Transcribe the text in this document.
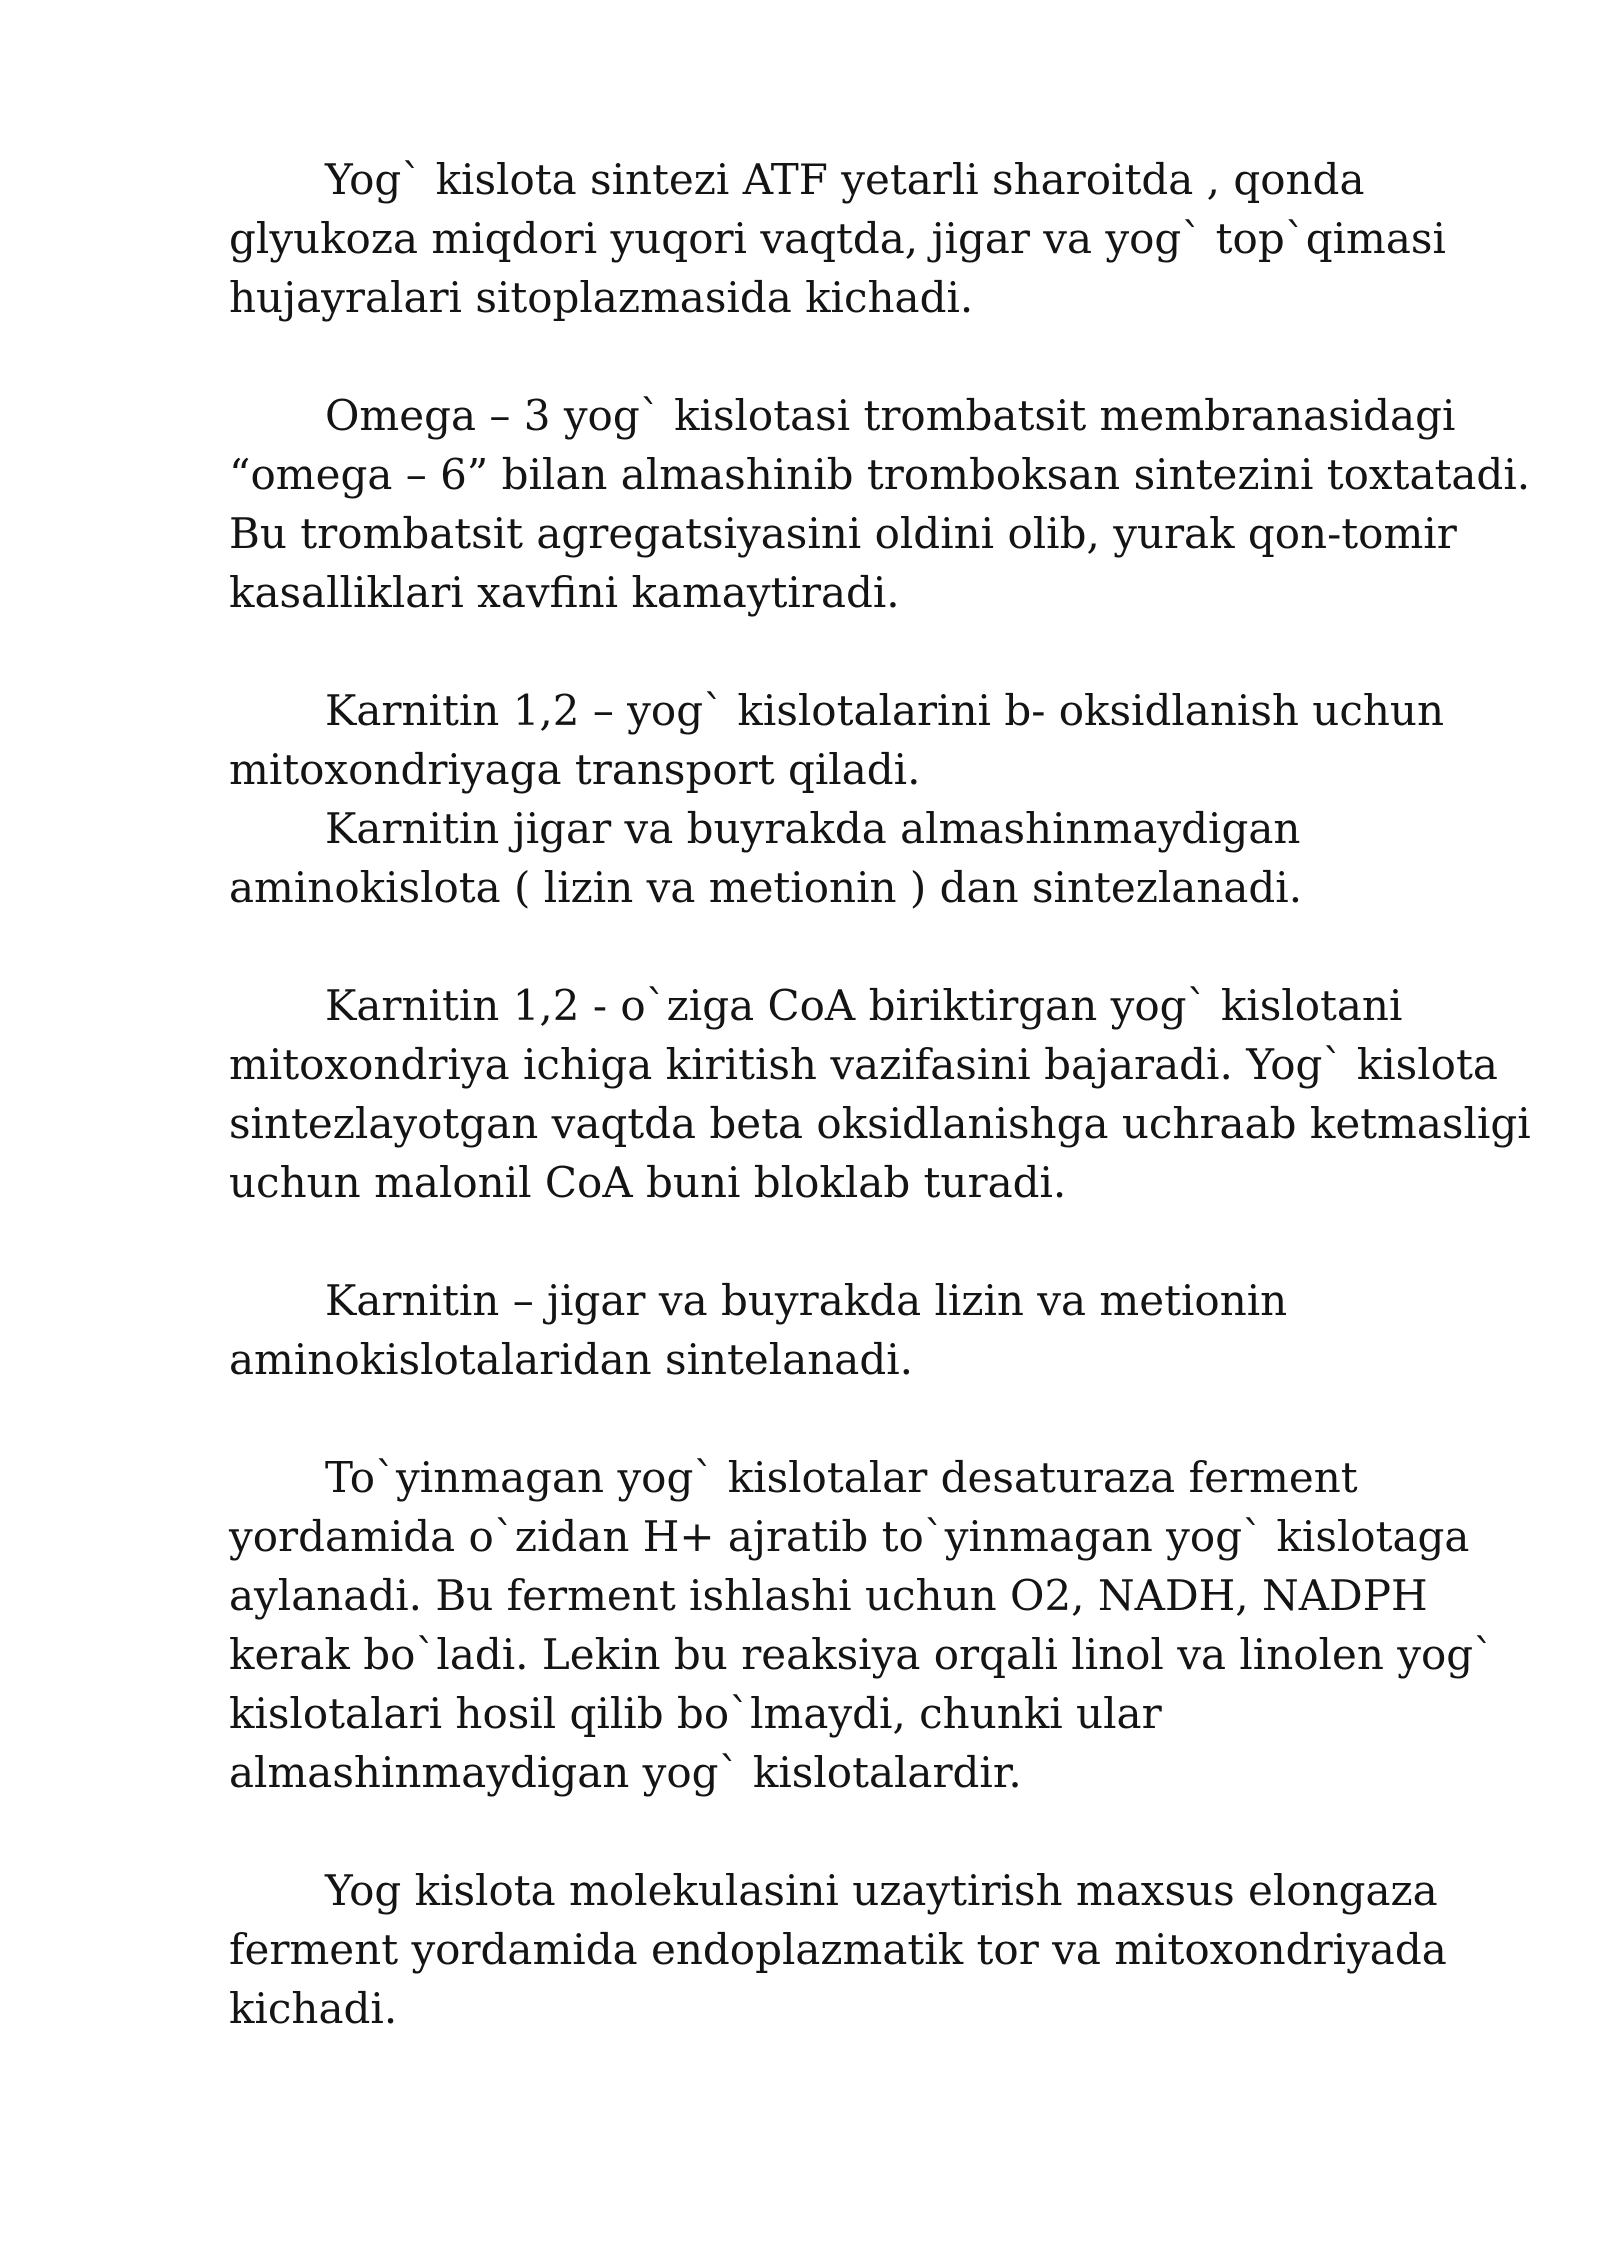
Yog` kislota sintezi ATF yetarli sharoitda , qonda
glyukoza miqdori yuqori vaqtda, jigar va yog` top`qimasi
hujayralari sitoplazmasida kichadi.
Omega – 3 yog` kislotasi trombatsit membranasidagi
“omega – 6” bilan almashinib tromboksan sintezini toxtatadi.
Bu trombatsit agregatsiyasini oldini olib, yurak qon-tomir
kasalliklari xavfini kamaytiradi.
Karnitin 1,2 – yog` kislotalarini b- oksidlanish uchun
mitoxondriyaga transport qiladi.
Karnitin jigar va buyrakda almashinmaydigan
aminokislota ( lizin va metionin ) dan sintezlanadi.
Karnitin 1,2 - o`ziga CoA biriktirgan yog` kislotani
mitoxondriya ichiga kiritish vazifasini bajaradi. Yog` kislota
sintezlayotgan vaqtda beta oksidlanishga uchraab ketmasligi
uchun malonil CoA buni bloklab turadi.
Karnitin – jigar va buyrakda lizin va metionin
aminokislotalaridan sintelanadi.
To`yinmagan yog` kislotalar desaturaza ferment
yordamida o`zidan H+ ajratib to`yinmagan yog` kislotaga
aylanadi. Bu ferment ishlashi uchun O2, NADH, NADPH
kerak bo`ladi. Lekin bu reaksiya orqali linol va linolen yog`
kislotalari hosil qilib bo`lmaydi, chunki ular
almashinmaydigan yog` kislotalardir.
Yog kislota molekulasini uzaytirish maxsus elongaza
ferment yordamida endoplazmatik tor va mitoxondriyada
kichadi.
